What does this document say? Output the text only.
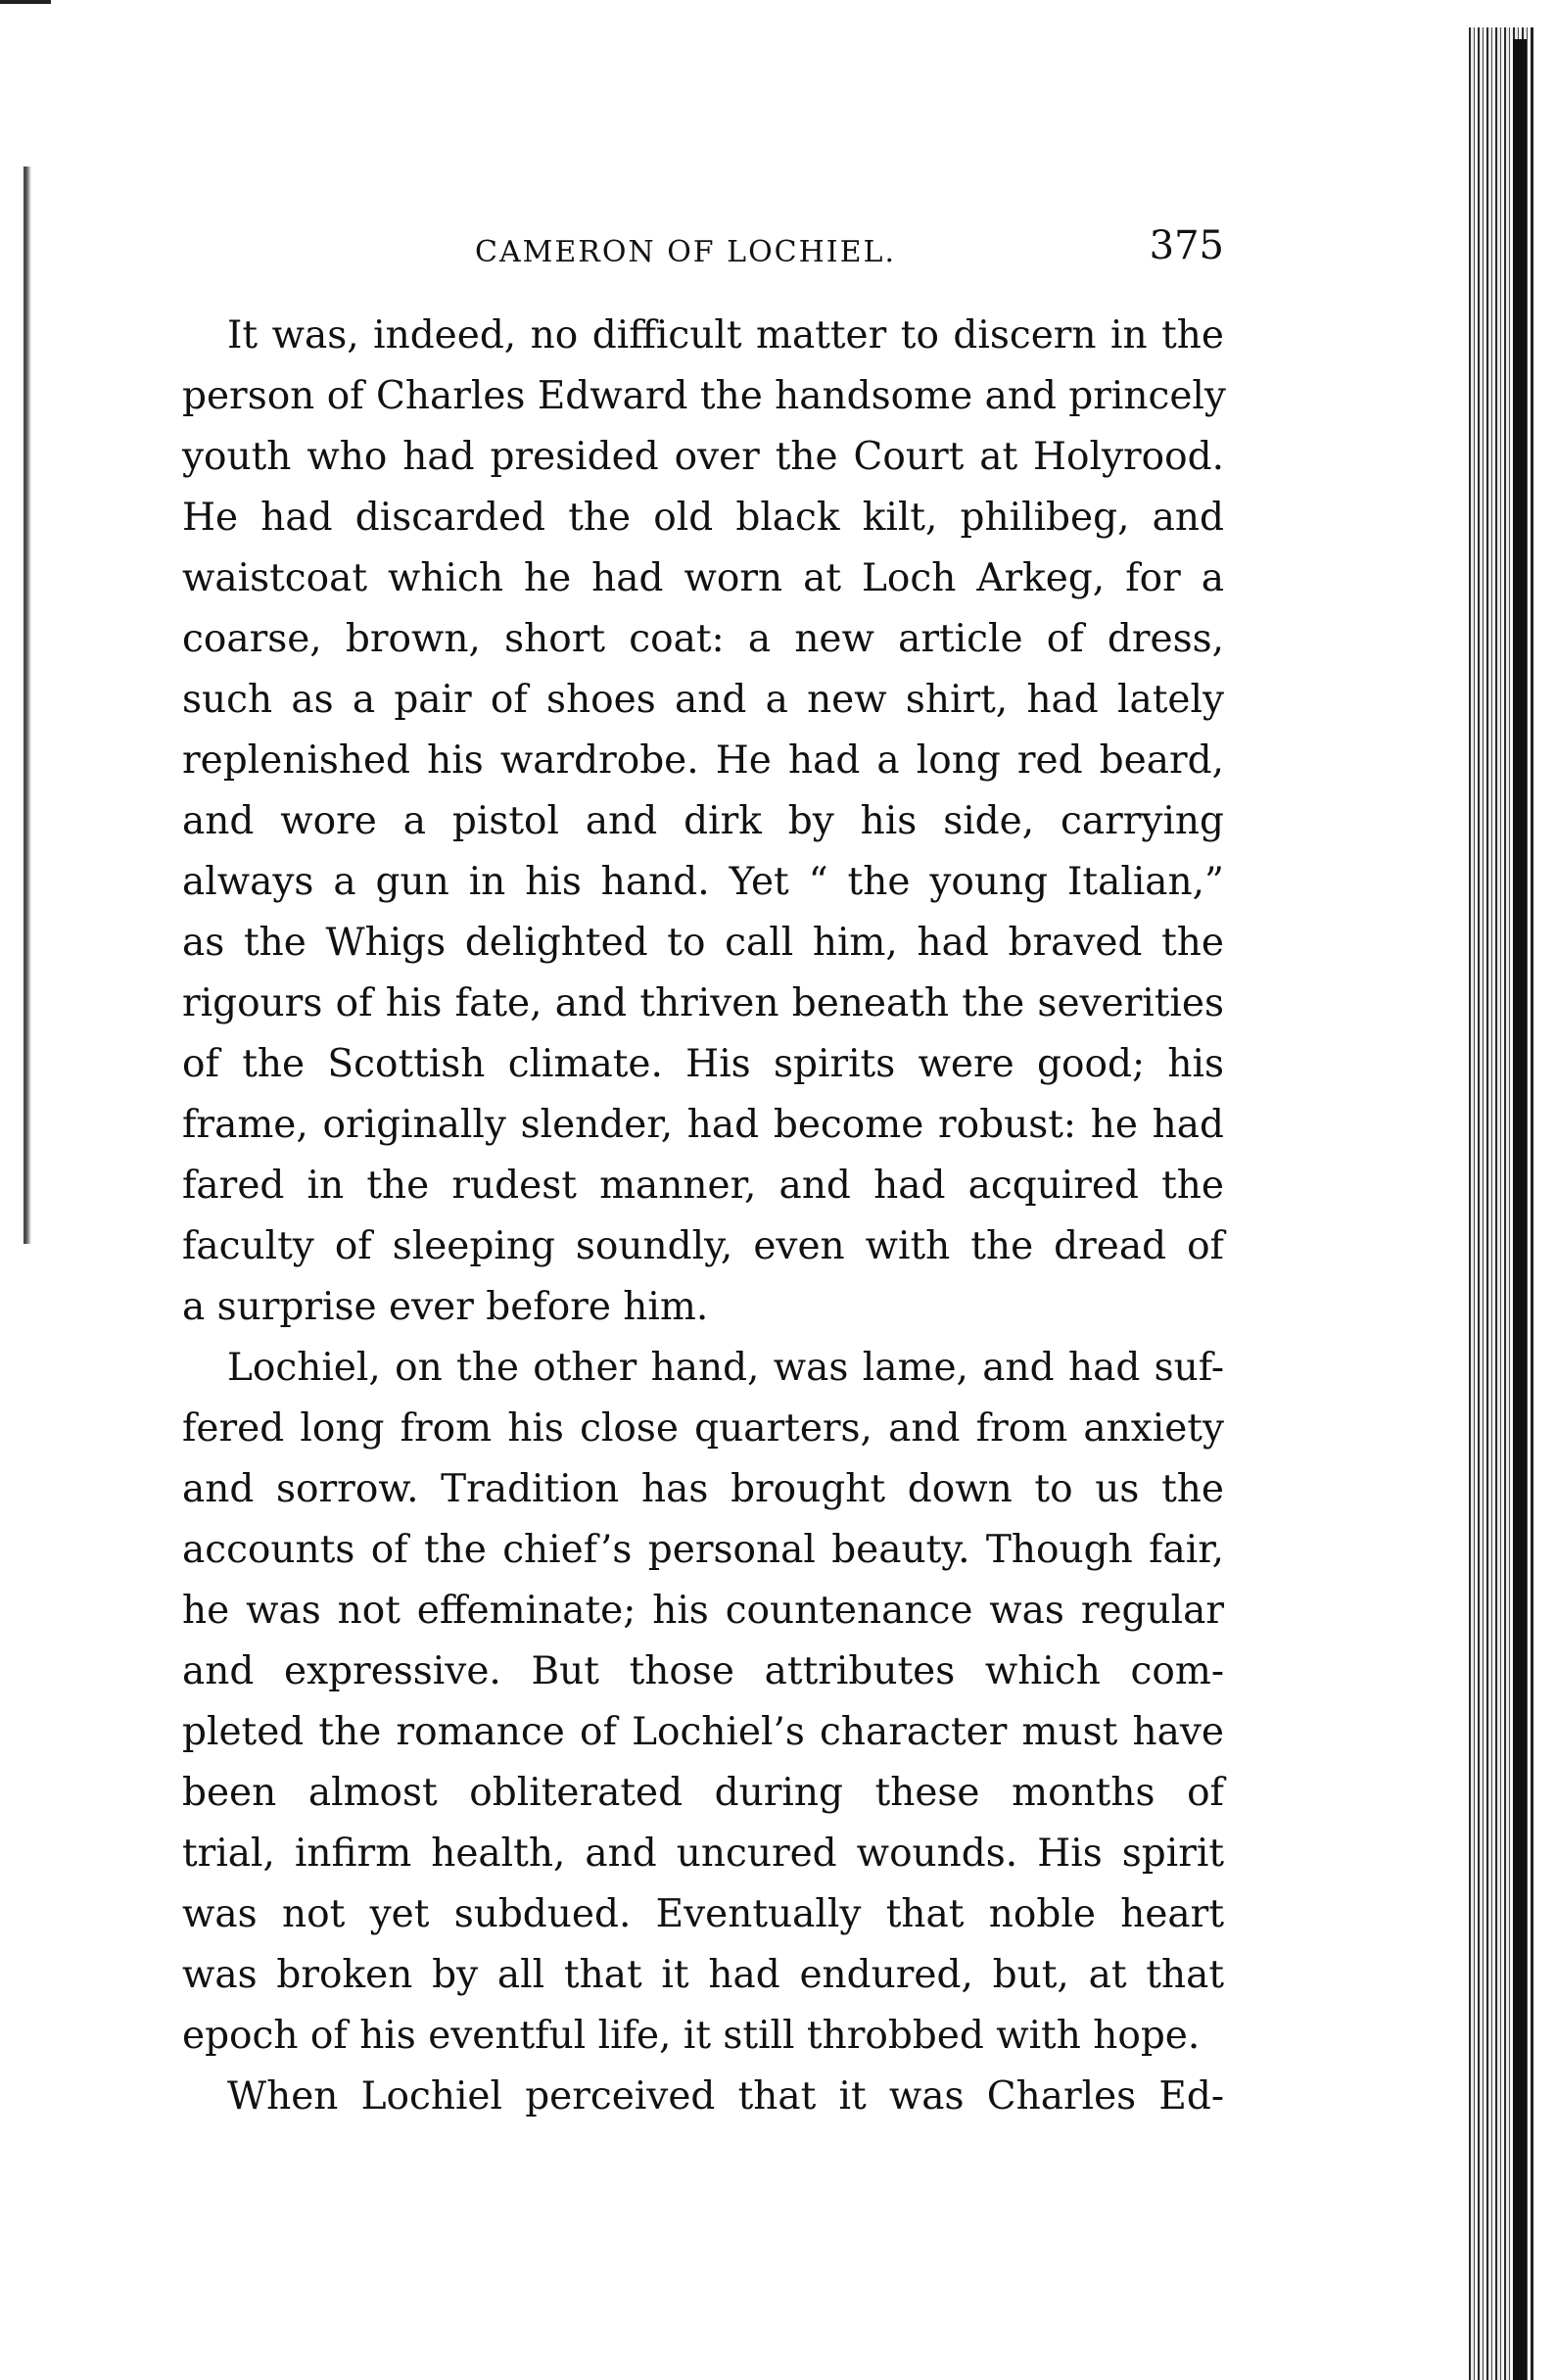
CAMERON OF LOCHIEL.	375

It was, indeed, no difficult matter to discern in the
person of Charles Edward the handsome and princely
youth who had presided over the Court at Holyrood.
He had discarded the old black kilt, philibeg, and
waistcoat which he had worn at Loch Arkeg, for a
coarse, brown, short coat: a new article of dress,
such as a pair of shoes and a new shirt, had lately
replenished his wardrobe. He had a long red beard,
and wore a pistol and dirk by his side, carrying
always a gun in his hand. Yet “ the young Italian,”
as the Whigs delighted to call him, had braved the
rigours of his fate, and thriven beneath the severities
of the Scottish climate. His spirits were good; his
frame, originally slender, had become robust: he had
fared in the rudest manner, and had acquired the
faculty of sleeping soundly, even with the dread of
a surprise ever before him.

Lochiel, on the other hand, was lame, and had suf-
fered long from his close quarters, and from anxiety
and sorrow. Tradition has brought down to us the
accounts of the chief’s personal beauty. Though fair,
he was not effeminate; his countenance was regular
and expressive. But those attributes which com-
pleted the romance of Lochiel’s character must have
been almost obliterated during these months of
trial, infirm health, and uncured wounds. His spirit
was not yet subdued. Eventually that noble heart
was broken by all that it had endured, but, at that
epoch of his eventful life, it still throbbed with hope.

When Lochiel perceived that it was Charles Ed-
